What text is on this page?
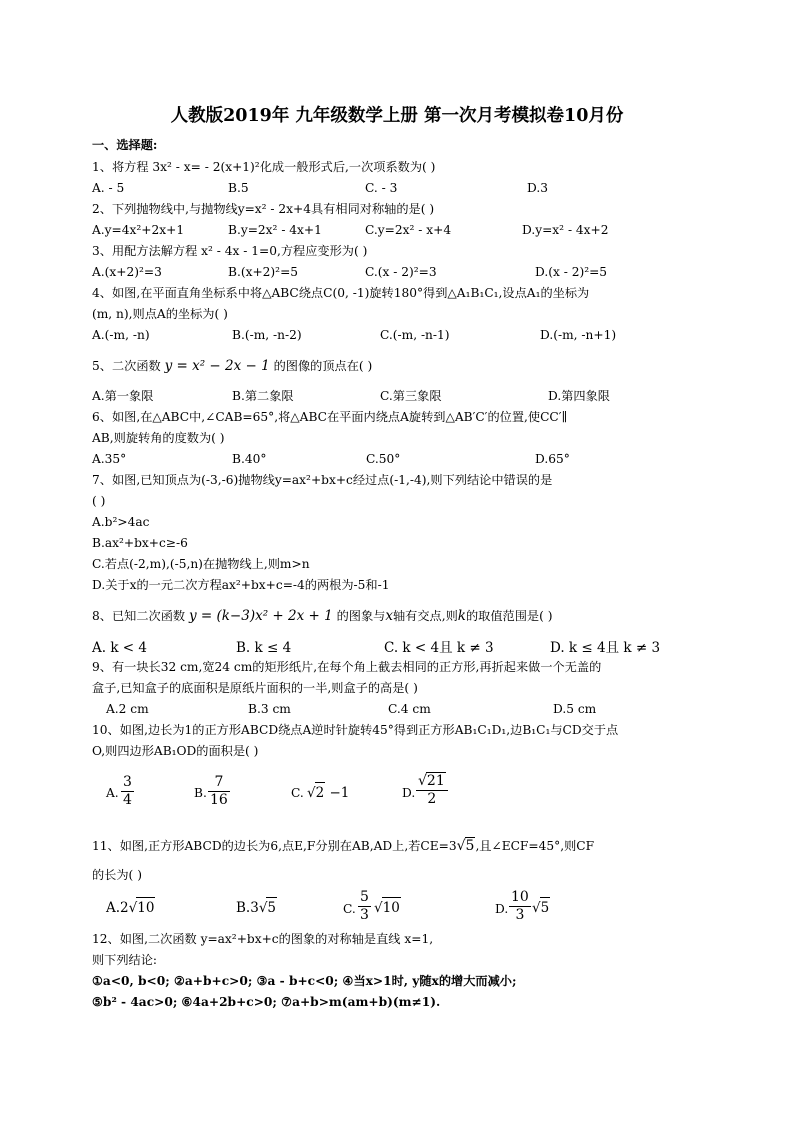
人教版2019年 九年级数学上册 第一次月考模拟卷10月份
一、选择题:
1、将方程 3x² - x= - 2(x+1)²化成一般形式后,一次项系数为( )
A. - 5	B.5	C. - 3	D.3
2、下列抛物线中,与抛物线y=x² - 2x+4具有相同对称轴的是( )
A.y=4x²+2x+1	B.y=2x² - 4x+1	C.y=2x² - x+4	D.y=x² - 4x+2
3、用配方法解方程 x² - 4x - 1=0,方程应变形为( )
A.(x+2)²=3	B.(x+2)²=5	C.(x - 2)²=3	D.(x - 2)²=5
4、如图,在平面直角坐标系中将△ABC绕点C(0, -1)旋转180°得到△A₁B₁C₁,设点A₁的坐标为
(m, n),则点A的坐标为( )
A.(-m, -n)	B.(-m, -n-2)	C.(-m, -n-1)	D.(-m, -n+1)
5、二次函数 y = x² − 2x − 1 的图像的顶点在( )
A.第一象限	B.第二象限	C.第三象限	D.第四象限
6、如图,在△ABC中,∠CAB=65°,将△ABC在平面内绕点A旋转到△AB′C′的位置,使CC′∥
AB,则旋转角的度数为( )
A.35°	B.40°	C.50°	D.65°
7、如图,已知顶点为(-3,-6)抛物线y=ax²+bx+c经过点(-1,-4),则下列结论中错误的是
( )
A.b²>4ac
B.ax²+bx+c≥-6
C.若点(-2,m),(-5,n)在抛物线上,则m>n
D.关于x的一元二次方程ax²+bx+c=-4的两根为-5和-1
8、已知二次函数 y = (k−3)x² + 2x + 1 的图象与x轴有交点,则k的取值范围是( )
A. k < 4	B. k ≤ 4	C. k < 4且 k ≠ 3	D. k ≤ 4且 k ≠ 3
9、有一块长32 cm,宽24 cm的矩形纸片,在每个角上截去相同的正方形,再折起来做一个无盖的
盒子,已知盒子的底面积是原纸片面积的一半,则盒子的高是( )
A.2 cm	B.3 cm	C.4 cm	D.5 cm
10、如图,边长为1的正方形ABCD绕点A逆时针旋转45°得到正方形AB₁C₁D₁,边B₁C₁与CD交于点
O,则四边形AB₁OD的面积是( )
A. $\frac{3}{4}$	B. $\frac{7}{16}$	C. √2 −1	D. $\frac{√21}{2}$
11、如图,正方形ABCD的边长为6,点E,F分别在AB,AD上,若CE=3√5,且∠ECF=45°,则CF
的长为( )
A.2√10	B.3√5	C. $\frac{5}{3} √10$	D. $\frac{10}{3} √5$
12、如图,二次函数 y=ax²+bx+c的图象的对称轴是直线 x=1,
则下列结论:
①a<0, b<0; ②a+b+c>0; ③a - b+c<0; ④当x>1时, y随x的增大而减小;
⑤b² - 4ac>0; ⑥4a+2b+c>0; ⑦a+b>m(am+b)(m≠1).
